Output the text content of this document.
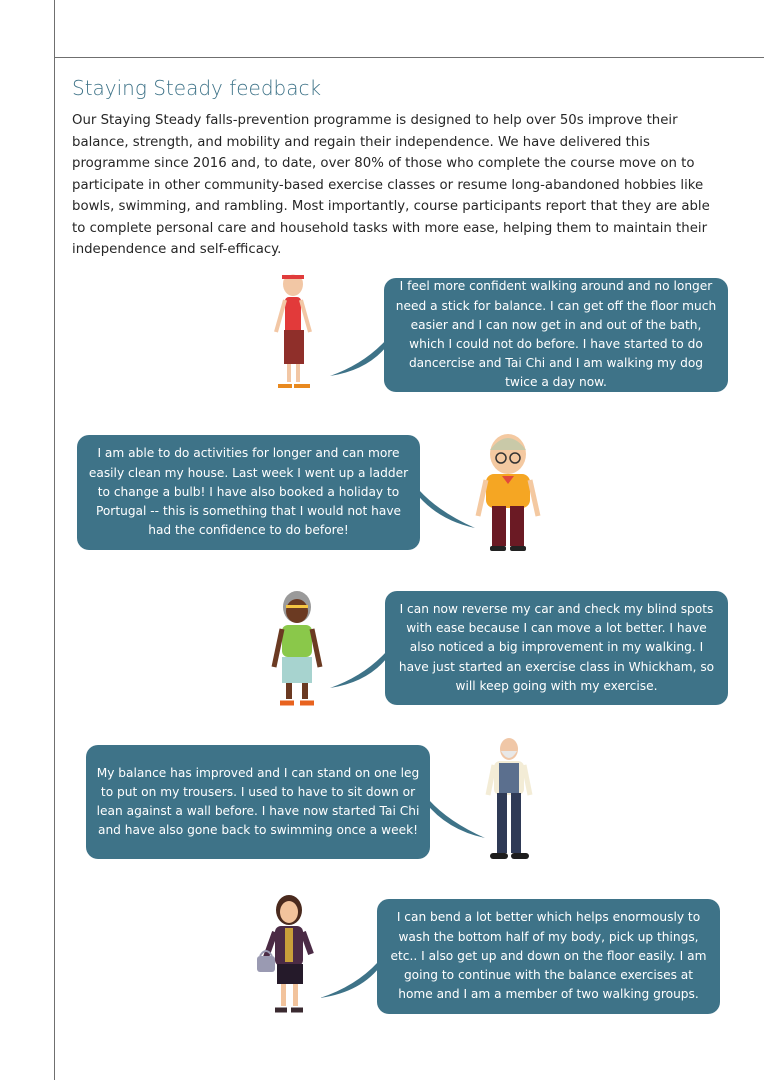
Staying Steady feedback

Our Staying Steady falls-prevention programme is designed to help over 50s improve their balance, strength, and mobility and regain their independence. We have delivered this programme since 2016 and, to date, over 80% of those who complete the course move on to participate in other community-based exercise classes or resume long-abandoned hobbies like bowls, swimming, and rambling. Most importantly, course participants report that they are able to complete personal care and household tasks with more ease, helping them to maintain their independence and self-efficacy.

I feel more confident walking around and no longer need a stick for balance. I can get off the floor much easier and I can now get in and out of the bath, which I could not do before. I have started to do dancercise and Tai Chi and I am walking my dog twice a day now.
I am able to do activities for longer and can more easily clean my house. Last week I went up a ladder to change a bulb! I have also booked a holiday to Portugal -- this is something that I would not have had the confidence to do before!
I can now reverse my car and check my blind spots with ease because I can move a lot better. I have also noticed a big improvement in my walking. I have just started an exercise class in Whickham, so will keep going with my exercise.
My balance has improved and I can stand on one leg to put on my trousers. I used to have to sit down or lean against a wall before. I have now started Tai Chi and have also gone back to swimming once a week!
I can bend a lot better which helps enormously to wash the bottom half of my body, pick up things, etc.. I also get up and down on the floor easily. I am going to continue with the balance exercises at home and I am a member of two walking groups.
